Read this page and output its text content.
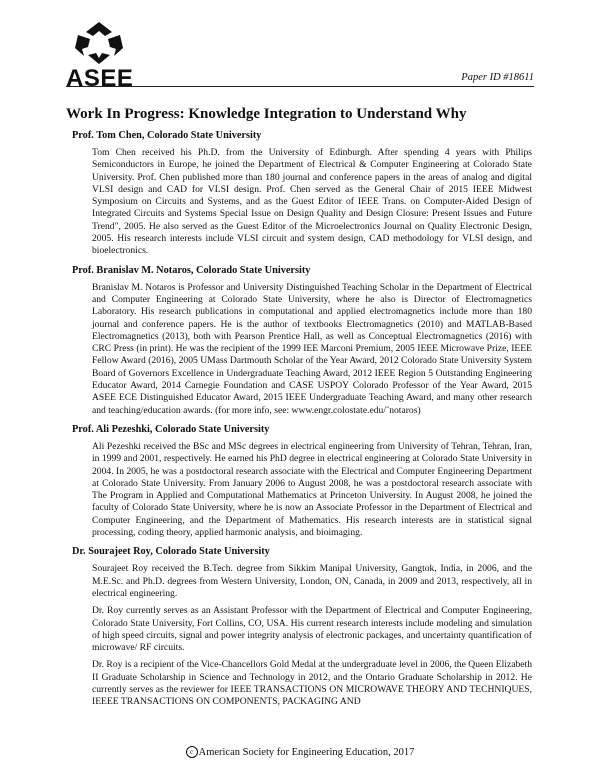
ASEE	Paper ID #18611
Work In Progress: Knowledge Integration to Understand Why

Prof. Tom Chen, Colorado State University

Tom Chen received his Ph.D. from the University of Edinburgh. After spending 4 years with Philips Semiconductors in Europe, he joined the Department of Electrical & Computer Engineering at Colorado State University. Prof. Chen published more than 180 journal and conference papers in the areas of analog and digital VLSI design and CAD for VLSI design. Prof. Chen served as the General Chair of 2015 IEEE Midwest Symposium on Circuits and Systems, and as the Guest Editor of IEEE Trans. on Computer-Aided Design of Integrated Circuits and Systems Special Issue on Design Quality and Design Closure: Present Issues and Future Trend", 2005. He also served as the Guest Editor of the Microelectronics Journal on Quality Electronic Design, 2005. His research interests include VLSI circuit and system design, CAD methodology for VLSI design, and bioelectronics.

Prof. Branislav M. Notaros, Colorado State University

Branislav M. Notaros is Professor and University Distinguished Teaching Scholar in the Department of Electrical and Computer Engineering at Colorado State University, where he also is Director of Electromagnetics Laboratory. His research publications in computational and applied electromagnetics include more than 180 journal and conference papers. He is the author of textbooks Electromagnetics (2010) and MATLAB-Based Electromagnetics (2013), both with Pearson Prentice Hall, as well as Conceptual Electromagnetics (2016) with CRC Press (in print). He was the recipient of the 1999 IEE Marconi Premium, 2005 IEEE Microwave Prize, IEEE Fellow Award (2016), 2005 UMass Dartmouth Scholar of the Year Award, 2012 Colorado State University System Board of Governors Excellence in Undergraduate Teaching Award, 2012 IEEE Region 5 Outstanding Engineering Educator Award, 2014 Carnegie Foundation and CASE USPOY Colorado Professor of the Year Award, 2015 ASEE ECE Distinguished Educator Award, 2015 IEEE Undergraduate Teaching Award, and many other research and teaching/education awards. (for more info, see: www.engr.colostate.edu/˜notaros)

Prof. Ali Pezeshki, Colorado State University

Ali Pezeshki received the BSc and MSc degrees in electrical engineering from University of Tehran, Tehran, Iran, in 1999 and 2001, respectively. He earned his PhD degree in electrical engineering at Colorado State University in 2004. In 2005, he was a postdoctoral research associate with the Electrical and Computer Engineering Department at Colorado State University. From January 2006 to August 2008, he was a postdoctoral research associate with The Program in Applied and Computational Mathematics at Princeton University. In August 2008, he joined the faculty of Colorado State University, where he is now an Associate Professor in the Department of Electrical and Computer Engineering, and the Department of Mathematics. His research interests are in statistical signal processing, coding theory, applied harmonic analysis, and bioimaging.

Dr. Sourajeet Roy, Colorado State University

Sourajeet Roy received the B.Tech. degree from Sikkim Manipal University, Gangtok, India, in 2006, and the M.E.Sc. and Ph.D. degrees from Western University, London, ON, Canada, in 2009 and 2013, respectively, all in electrical engineering.

Dr. Roy currently serves as an Assistant Professor with the Department of Electrical and Computer Engineering, Colorado State University, Fort Collins, CO, USA. His current research interests include modeling and simulation of high speed circuits, signal and power integrity analysis of electronic packages, and uncertainty quantification of microwave/ RF circuits.

Dr. Roy is a recipient of the Vice-Chancellors Gold Medal at the undergraduate level in 2006, the Queen Elizabeth II Graduate Scholarship in Science and Technology in 2012, and the Ontario Graduate Scholarship in 2012. He currently serves as the reviewer for IEEE TRANSACTIONS ON MICROWAVE THEORY AND TECHNIQUES, IEEEE TRANSACTIONS ON COMPONENTS, PACKAGING AND

c American Society for Engineering Education, 2017
